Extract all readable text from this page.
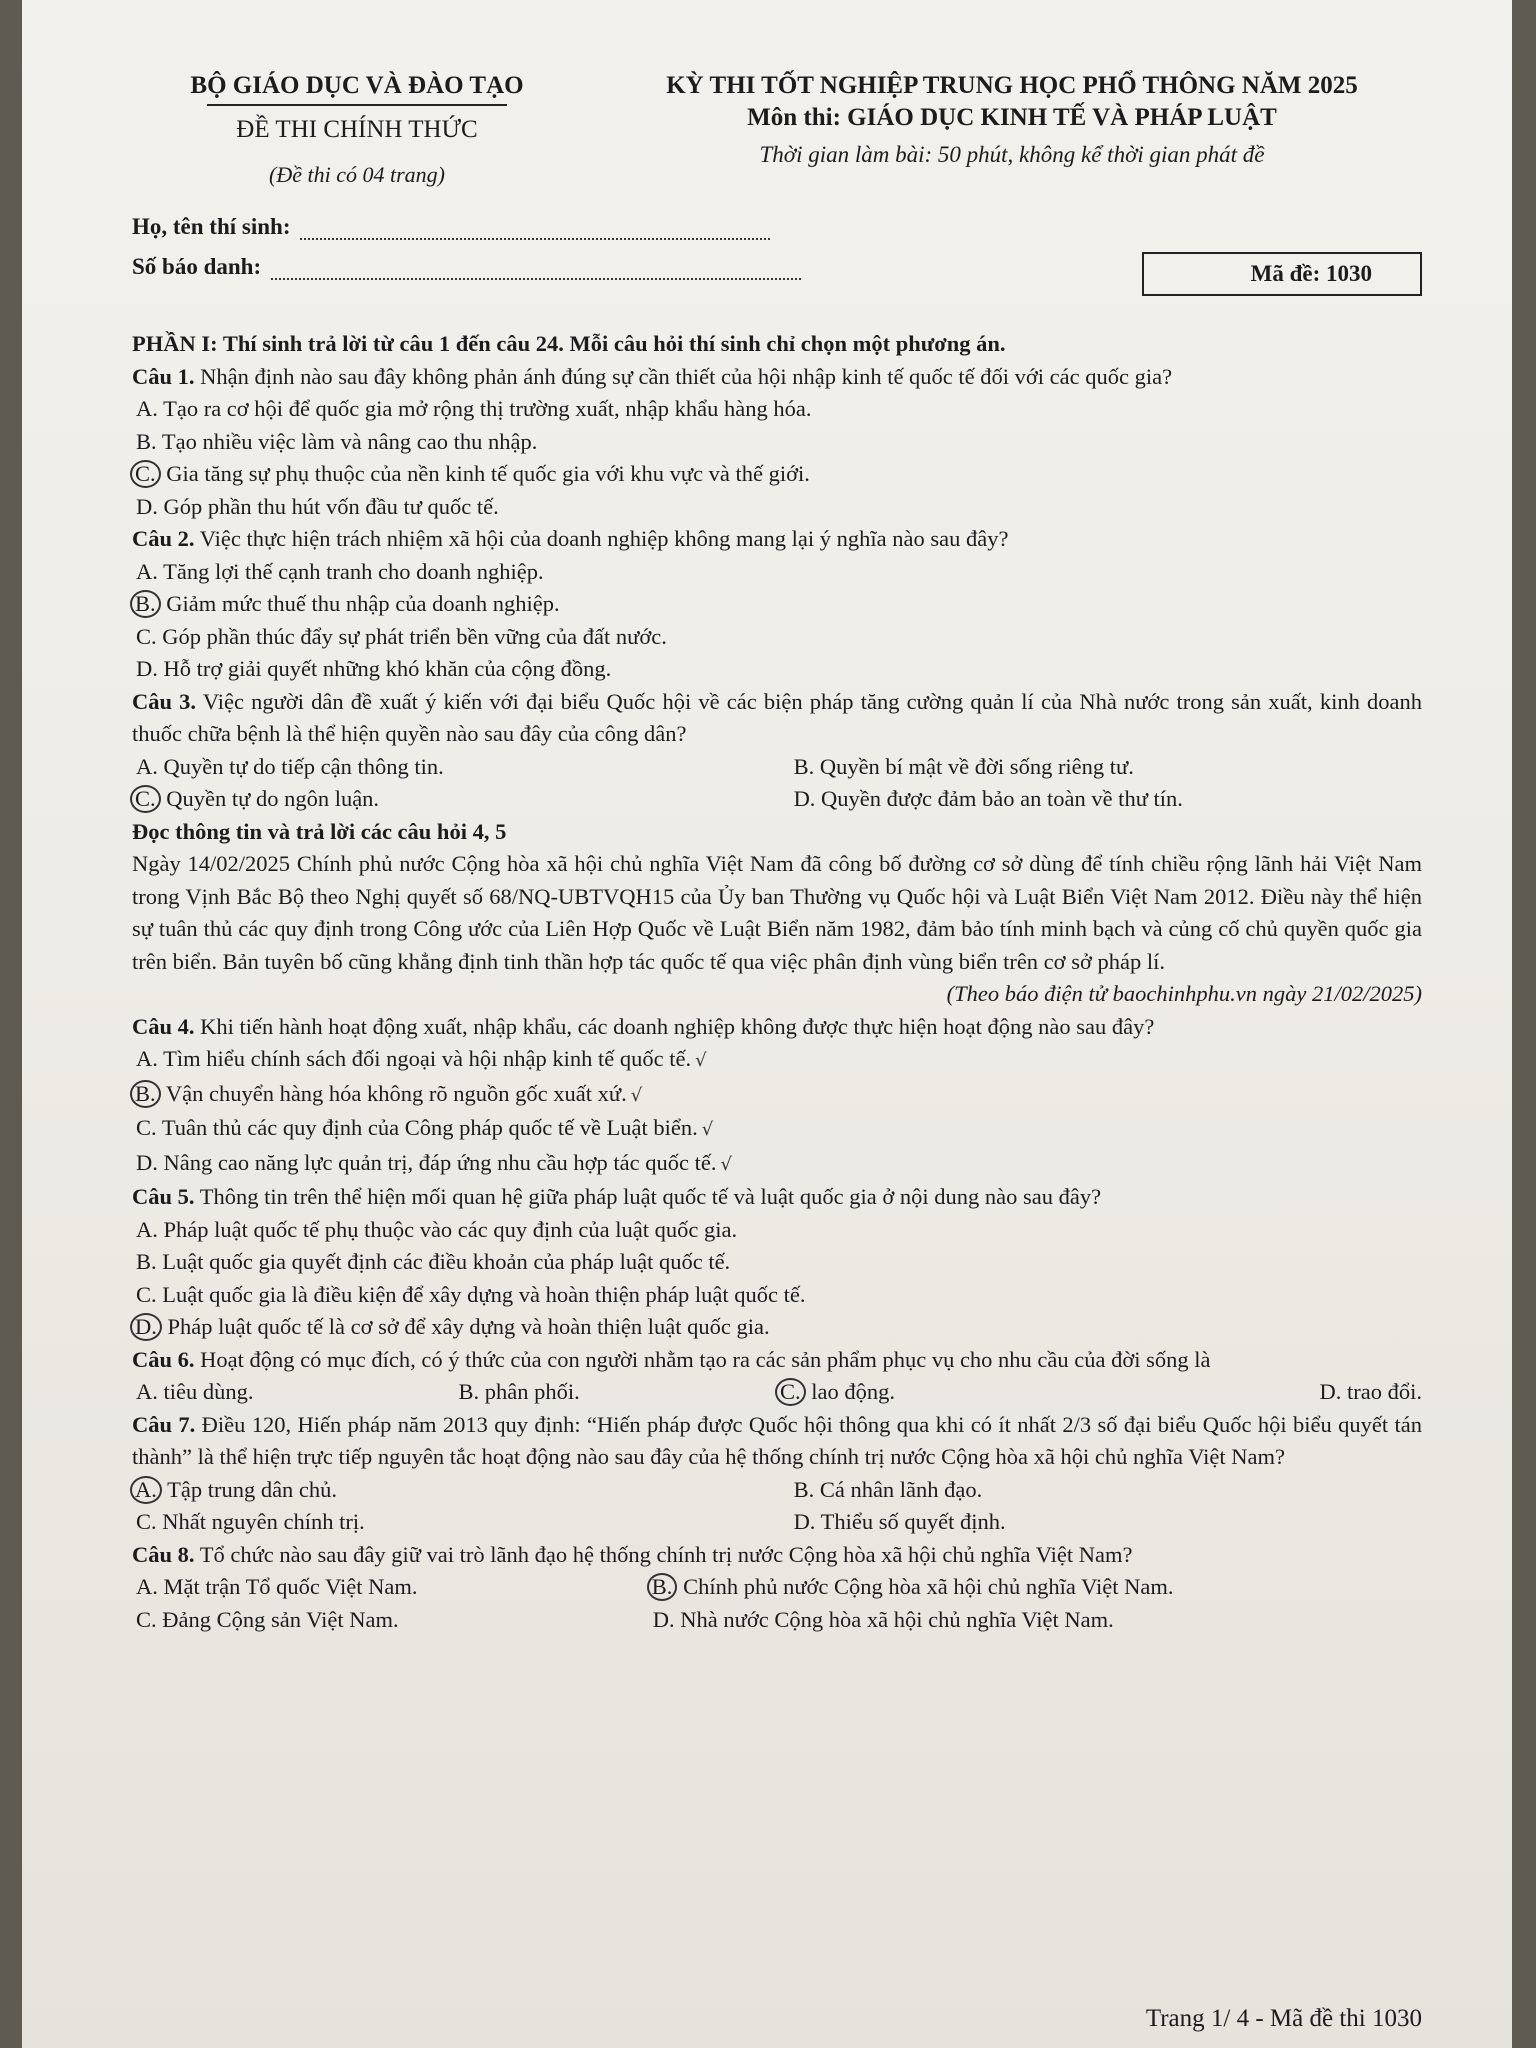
BỘ GIÁO DỤC VÀ ĐÀO TẠO
ĐỀ THI CHÍNH THỨC
(Đề thi có 04 trang)
KỲ THI TỐT NGHIỆP TRUNG HỌC PHỔ THÔNG NĂM 2025
Môn thi: GIÁO DỤC KINH TẾ VÀ PHÁP LUẬT
Thời gian làm bài: 50 phút, không kể thời gian phát đề
Họ, tên thí sinh:
Số báo danh:	Mã đề: 1030

PHẦN I: Thí sinh trả lời từ câu 1 đến câu 24. Mỗi câu hỏi thí sinh chỉ chọn một phương án.

Câu 1. Nhận định nào sau đây không phản ánh đúng sự cần thiết của hội nhập kinh tế quốc tế đối với các quốc gia?

A. Tạo ra cơ hội để quốc gia mở rộng thị trường xuất, nhập khẩu hàng hóa.

B. Tạo nhiều việc làm và nâng cao thu nhập.

C. Gia tăng sự phụ thuộc của nền kinh tế quốc gia với khu vực và thế giới.

D. Góp phần thu hút vốn đầu tư quốc tế.

Câu 2. Việc thực hiện trách nhiệm xã hội của doanh nghiệp không mang lại ý nghĩa nào sau đây?

A. Tăng lợi thế cạnh tranh cho doanh nghiệp.

B. Giảm mức thuế thu nhập của doanh nghiệp.

C. Góp phần thúc đẩy sự phát triển bền vững của đất nước.

D. Hỗ trợ giải quyết những khó khăn của cộng đồng.

Câu 3. Việc người dân đề xuất ý kiến với đại biểu Quốc hội về các biện pháp tăng cường quản lí của Nhà nước trong sản xuất, kinh doanh thuốc chữa bệnh là thể hiện quyền nào sau đây của công dân?

A. Quyền tự do tiếp cận thông tin.	B. Quyền bí mật về đời sống riêng tư.
C. Quyền tự do ngôn luận.	D. Quyền được đảm bảo an toàn về thư tín.

Đọc thông tin và trả lời các câu hỏi 4, 5

Ngày 14/02/2025 Chính phủ nước Cộng hòa xã hội chủ nghĩa Việt Nam đã công bố đường cơ sở dùng để tính chiều rộng lãnh hải Việt Nam trong Vịnh Bắc Bộ theo Nghị quyết số 68/NQ-UBTVQH15 của Ủy ban Thường vụ Quốc hội và Luật Biển Việt Nam 2012. Điều này thể hiện sự tuân thủ các quy định trong Công ước của Liên Hợp Quốc về Luật Biển năm 1982, đảm bảo tính minh bạch và củng cố chủ quyền quốc gia trên biển. Bản tuyên bố cũng khẳng định tinh thần hợp tác quốc tế qua việc phân định vùng biển trên cơ sở pháp lí.

(Theo báo điện tử baochinhphu.vn ngày 21/02/2025)

Câu 4. Khi tiến hành hoạt động xuất, nhập khẩu, các doanh nghiệp không được thực hiện hoạt động nào sau đây?

A. Tìm hiểu chính sách đối ngoại và hội nhập kinh tế quốc tế. √

B. Vận chuyển hàng hóa không rõ nguồn gốc xuất xứ. √

C. Tuân thủ các quy định của Công pháp quốc tế về Luật biển. √

D. Nâng cao năng lực quản trị, đáp ứng nhu cầu hợp tác quốc tế. √

Câu 5. Thông tin trên thể hiện mối quan hệ giữa pháp luật quốc tế và luật quốc gia ở nội dung nào sau đây?

A. Pháp luật quốc tế phụ thuộc vào các quy định của luật quốc gia.

B. Luật quốc gia quyết định các điều khoản của pháp luật quốc tế.

C. Luật quốc gia là điều kiện để xây dựng và hoàn thiện pháp luật quốc tế.

D. Pháp luật quốc tế là cơ sở để xây dựng và hoàn thiện luật quốc gia.

Câu 6. Hoạt động có mục đích, có ý thức của con người nhằm tạo ra các sản phẩm phục vụ cho nhu cầu của đời sống là

A. tiêu dùng.	B. phân phối.	C. lao động.	D. trao đổi.

Câu 7. Điều 120, Hiến pháp năm 2013 quy định: “Hiến pháp được Quốc hội thông qua khi có ít nhất 2/3 số đại biểu Quốc hội biểu quyết tán thành” là thể hiện trực tiếp nguyên tắc hoạt động nào sau đây của hệ thống chính trị nước Cộng hòa xã hội chủ nghĩa Việt Nam?

A. Tập trung dân chủ.	B. Cá nhân lãnh đạo.
C. Nhất nguyên chính trị.	D. Thiểu số quyết định.

Câu 8. Tổ chức nào sau đây giữ vai trò lãnh đạo hệ thống chính trị nước Cộng hòa xã hội chủ nghĩa Việt Nam?

A. Mặt trận Tổ quốc Việt Nam.	B. Chính phủ nước Cộng hòa xã hội chủ nghĩa Việt Nam.
C. Đảng Cộng sản Việt Nam.	D. Nhà nước Cộng hòa xã hội chủ nghĩa Việt Nam.
Trang 1/ 4 - Mã đề thi 1030
